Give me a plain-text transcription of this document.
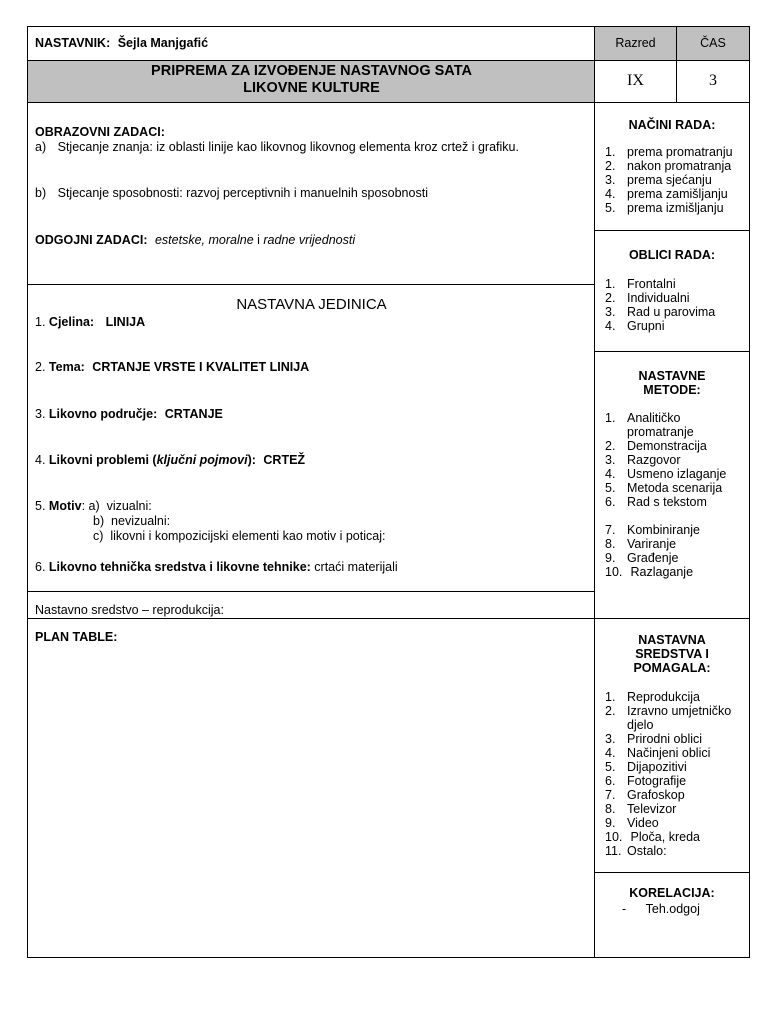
NASTAVNIK: Šejla Manjgafić	Razred	ČAS
PRIPREMA ZA IZVOĐENJE NASTAVNOG SATA
LIKOVNE KULTURE	IX	3
OBRAZOVNI ZADACI:
a) Stjecanje znanja: iz oblasti linije kao likovnog likovnog elementa kroz crtež i grafiku.
b) Stjecanje sposobnosti: razvoj perceptivnih i manuelnih sposobnosti
ODGOJNI ZADACI: estetske, moralne i radne vrijednosti
NASTAVNA JEDINICA
1. Cjelina: LINIJA
2. Tema: CRTANJE VRSTE I KVALITET LINIJA
3. Likovno područje: CRTANJE
4. Likovni problemi (ključni pojmovi): CRTEŽ
5. Motiv: a)  vizualni:
b)  nevizualni:
c)  likovni i kompozicijski elementi kao motiv i poticaj:
6. Likovno tehnička sredstva i likovne tehnike: crtaći materijali
Nastavno sredstvo – reprodukcija:
PLAN TABLE:
NAČINI RADA:
1. prema promatranju
2. nakon promatranja
3. prema sjećanju
4. prema zamišljanju
5. prema izmišljanju
OBLICI RADA:
1. Frontalni
2. Individualni
3. Rad u parovima
4. Grupni
NASTAVNE
METODE:
1. Analitičko promatranje
2. Demonstracija
3. Razgovor
4. Usmeno izlaganje
5. Metoda scenarija
6. Rad s tekstom
7. Kombiniranje
8. Variranje
9. Građenje
10. Razlaganje
NASTAVNA
SREDSTVA I
POMAGALA:
1. Reprodukcija
2. Izravno umjetničko djelo
3. Prirodni oblici
4. Načinjeni oblici
5. Dijapozitivi
6. Fotografije
7. Grafoskop
8. Televizor
9. Video
10. Ploča, kreda
11. Ostalo:
KORELACIJA:
- Teh.odgoj
